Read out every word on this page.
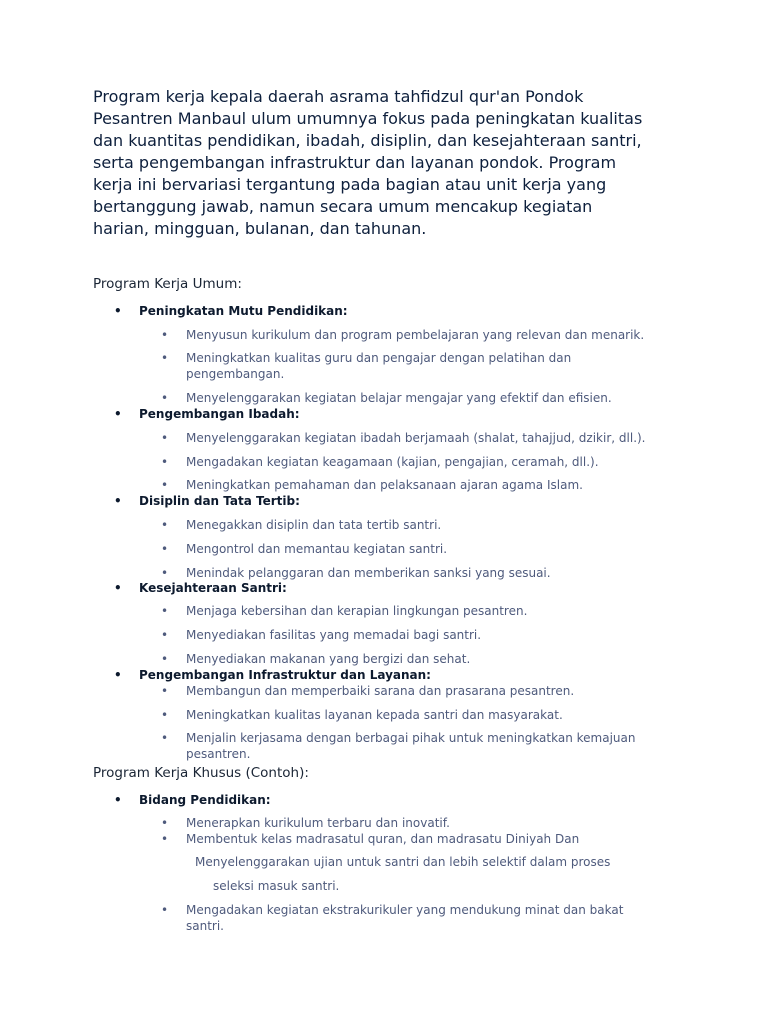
Program kerja kepala daerah asrama tahfidzul qur'an Pondok Pesantren Manbaul ulum umumnya fokus pada peningkatan kualitas dan kuantitas pendidikan, ibadah, disiplin, dan kesejahteraan santri, serta pengembangan infrastruktur dan layanan pondok. Program kerja ini bervariasi tergantung pada bagian atau unit kerja yang bertanggung jawab, namun secara umum mencakup kegiatan harian, mingguan, bulanan, dan tahunan.

Program Kerja Umum:

• Peningkatan Mutu Pendidikan:
• Menyusun kurikulum dan program pembelajaran yang relevan dan menarik.
• Meningkatkan kualitas guru dan pengajar dengan pelatihan dan pengembangan.
• Menyelenggarakan kegiatan belajar mengajar yang efektif dan efisien.
• Pengembangan Ibadah:
• Menyelenggarakan kegiatan ibadah berjamaah (shalat, tahajjud, dzikir, dll.).
• Mengadakan kegiatan keagamaan (kajian, pengajian, ceramah, dll.).
• Meningkatkan pemahaman dan pelaksanaan ajaran agama Islam.
• Disiplin dan Tata Tertib:
• Menegakkan disiplin dan tata tertib santri.
• Mengontrol dan memantau kegiatan santri.
• Menindak pelanggaran dan memberikan sanksi yang sesuai.
• Kesejahteraan Santri:
• Menjaga kebersihan dan kerapian lingkungan pesantren.
• Menyediakan fasilitas yang memadai bagi santri.
• Menyediakan makanan yang bergizi dan sehat.
• Pengembangan Infrastruktur dan Layanan:
• Membangun dan memperbaiki sarana dan prasarana pesantren.
• Meningkatkan kualitas layanan kepada santri dan masyarakat.
• Menjalin kerjasama dengan berbagai pihak untuk meningkatkan kemajuan pesantren.

Program Kerja Khusus (Contoh):

• Bidang Pendidikan:
• Menerapkan kurikulum terbaru dan inovatif.
• Membentuk kelas madrasatul quran, dan madrasatu Diniyah Dan
Menyelenggarakan ujian untuk santri dan lebih selektif dalam proses
seleksi masuk santri.
• Mengadakan kegiatan ekstrakurikuler yang mendukung minat dan bakat santri.
